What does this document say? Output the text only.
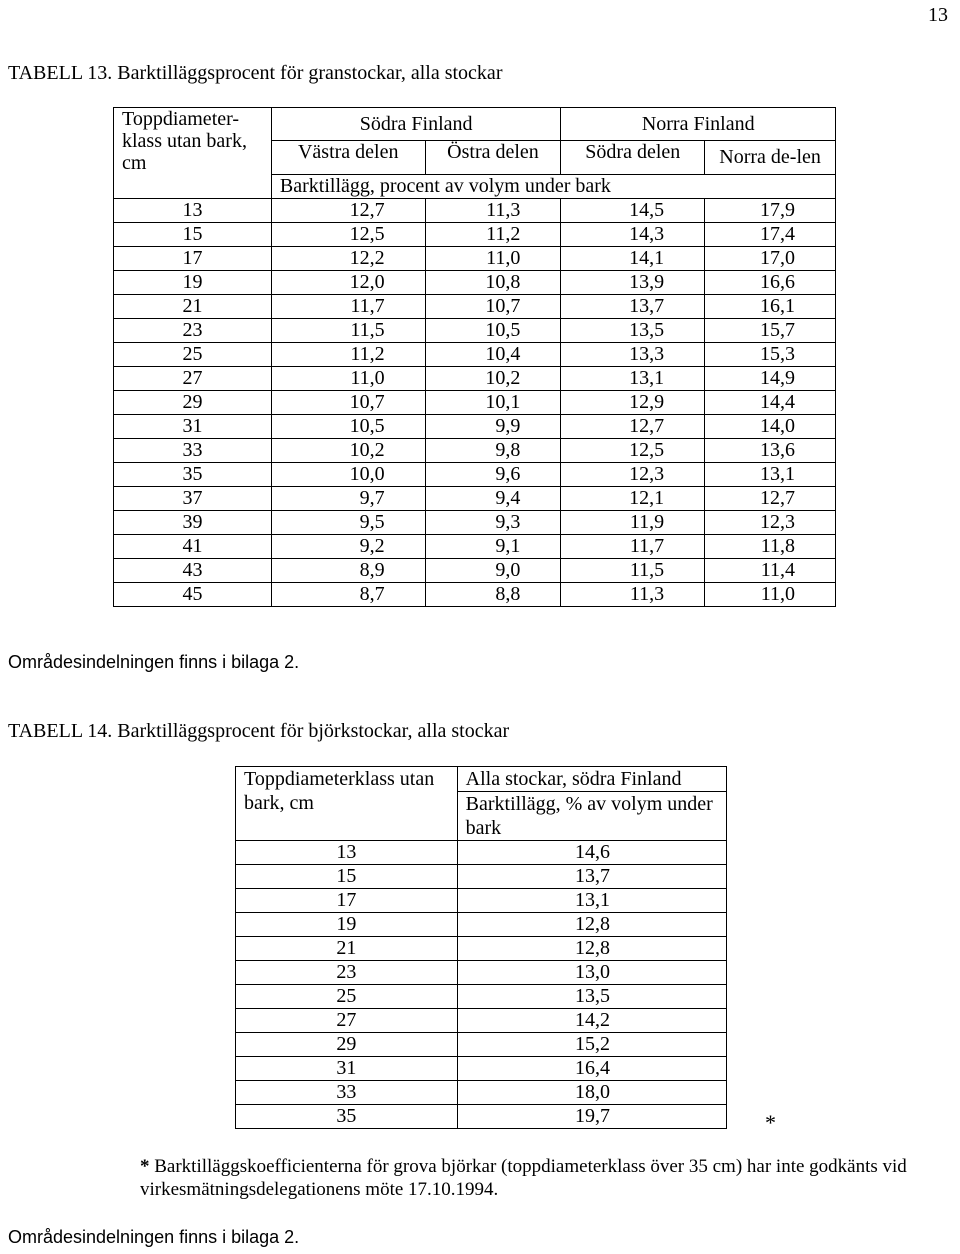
13
TABELL 13. Barktilläggsprocent för granstockar, alla stockar
Toppdiameter-klass utan bark, cm	Södra Finland		Norra Finland	
	Västra delen	Östra delen	Södra delen	Norra de-len
	Barktillägg, procent av volym under bark			
13	12,7	11,3	14,5	17,9
15	12,5	11,2	14,3	17,4
17	12,2	11,0	14,1	17,0
19	12,0	10,8	13,9	16,6
21	11,7	10,7	13,7	16,1
23	11,5	10,5	13,5	15,7
25	11,2	10,4	13,3	15,3
27	11,0	10,2	13,1	14,9
29	10,7	10,1	12,9	14,4
31	10,5	9,9	12,7	14,0
33	10,2	9,8	12,5	13,6
35	10,0	9,6	12,3	13,1
37	9,7	9,4	12,1	12,7
39	9,5	9,3	11,9	12,3
41	9,2	9,1	11,7	11,8
43	8,9	9,0	11,5	11,4
45	8,7	8,8	11,3	11,0
Områdesindelningen finns i bilaga 2.
TABELL 14. Barktilläggsprocent för björkstockar, alla stockar
Toppdiameterklass utan bark, cm	Alla stockar, södra Finland
	Barktillägg, % av volym under bark
13	14,6
15	13,7
17	13,1
19	12,8
21	12,8
23	13,0
25	13,5
27	14,2
29	15,2
31	16,4
33	18,0
35	19,7	*
* Barktilläggskoefficienterna för grova björkar (toppdiameterklass över 35 cm) har inte godkänts vid virkesmätningsdelegationens möte 17.10.1994.
Områdesindelningen finns i bilaga 2.
